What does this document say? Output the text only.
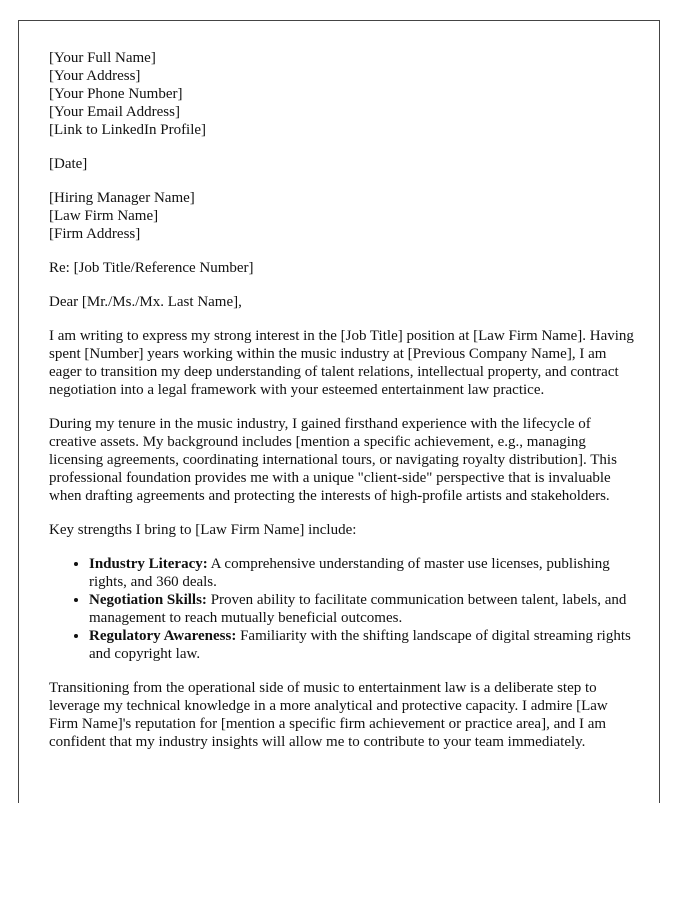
[Your Full Name]
[Your Address]
[Your Phone Number]
[Your Email Address]
[Link to LinkedIn Profile]
[Date]
[Hiring Manager Name]
[Law Firm Name]
[Firm Address]

Re: [Job Title/Reference Number]

Dear [Mr./Ms./Mx. Last Name],

I am writing to express my strong interest in the [Job Title] position at [Law Firm Name]. Having spent [Number] years working within the music industry at [Previous Company Name], I am eager to transition my deep understanding of talent relations, intellectual property, and contract negotiation into a legal framework with your esteemed entertainment law practice.

During my tenure in the music industry, I gained firsthand experience with the lifecycle of creative assets. My background includes [mention a specific achievement, e.g., managing licensing agreements, coordinating international tours, or navigating royalty distribution]. This professional foundation provides me with a unique "client-side" perspective that is invaluable when drafting agreements and protecting the interests of high-profile artists and stakeholders.

Key strengths I bring to [Law Firm Name] include:

• Industry Literacy: A comprehensive understanding of master use licenses, publishing rights, and 360 deals.
• Negotiation Skills: Proven ability to facilitate communication between talent, labels, and management to reach mutually beneficial outcomes.
• Regulatory Awareness: Familiarity with the shifting landscape of digital streaming rights and copyright law.

Transitioning from the operational side of music to entertainment law is a deliberate step to leverage my technical knowledge in a more analytical and protective capacity. I admire [Law Firm Name]'s reputation for [mention a specific firm achievement or practice area], and I am confident that my industry insights will allow me to contribute to your team immediately.
